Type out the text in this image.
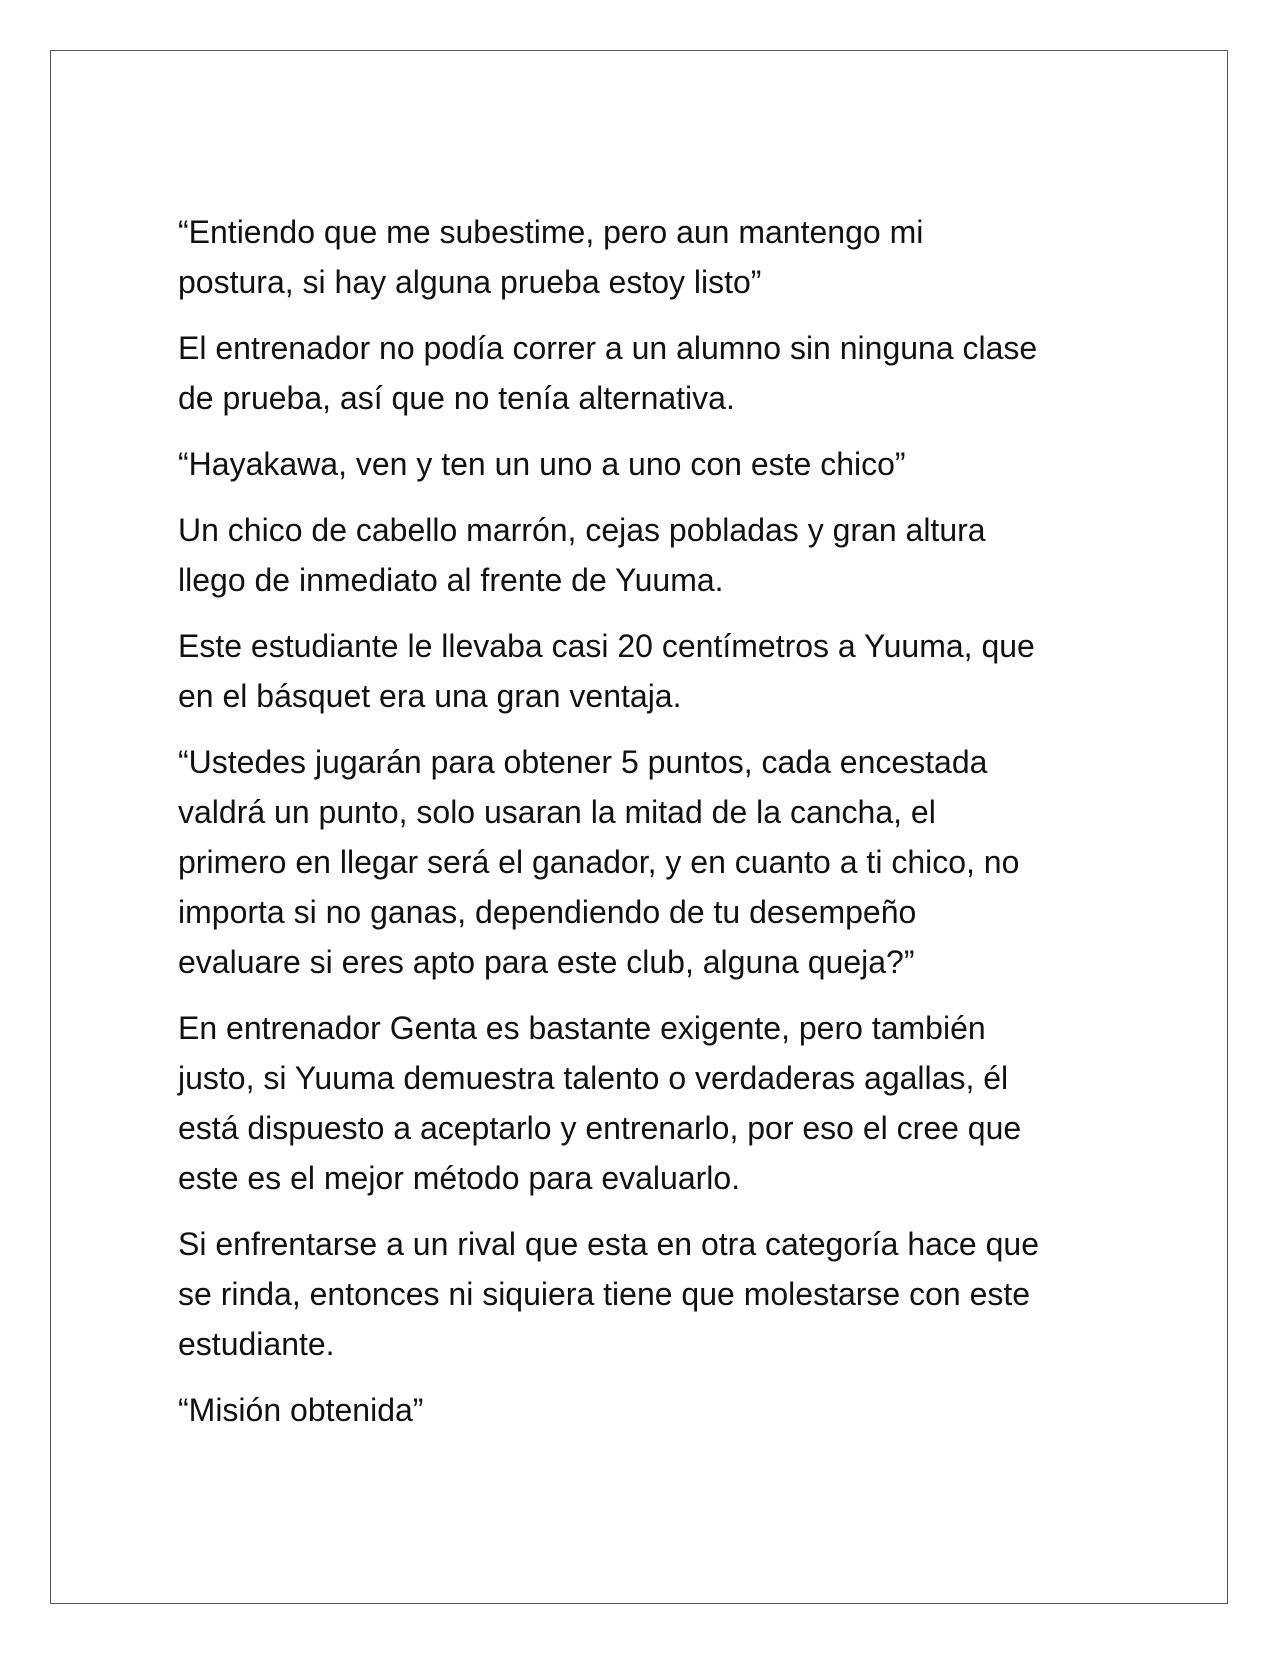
“Entiendo que me subestime, pero aun mantengo mi
postura, si hay alguna prueba estoy listo”

El entrenador no podía correr a un alumno sin ninguna clase
de prueba, así que no tenía alternativa.

“Hayakawa, ven y ten un uno a uno con este chico”

Un chico de cabello marrón, cejas pobladas y gran altura
llego de inmediato al frente de Yuuma.

Este estudiante le llevaba casi 20 centímetros a Yuuma, que
en el básquet era una gran ventaja.

“Ustedes jugarán para obtener 5 puntos, cada encestada
valdrá un punto, solo usaran la mitad de la cancha, el
primero en llegar será el ganador, y en cuanto a ti chico, no
importa si no ganas, dependiendo de tu desempeño
evaluare si eres apto para este club, alguna queja?”

En entrenador Genta es bastante exigente, pero también
justo, si Yuuma demuestra talento o verdaderas agallas, él
está dispuesto a aceptarlo y entrenarlo, por eso el cree que
este es el mejor método para evaluarlo.

Si enfrentarse a un rival que esta en otra categoría hace que
se rinda, entonces ni siquiera tiene que molestarse con este
estudiante.

“Misión obtenida”
